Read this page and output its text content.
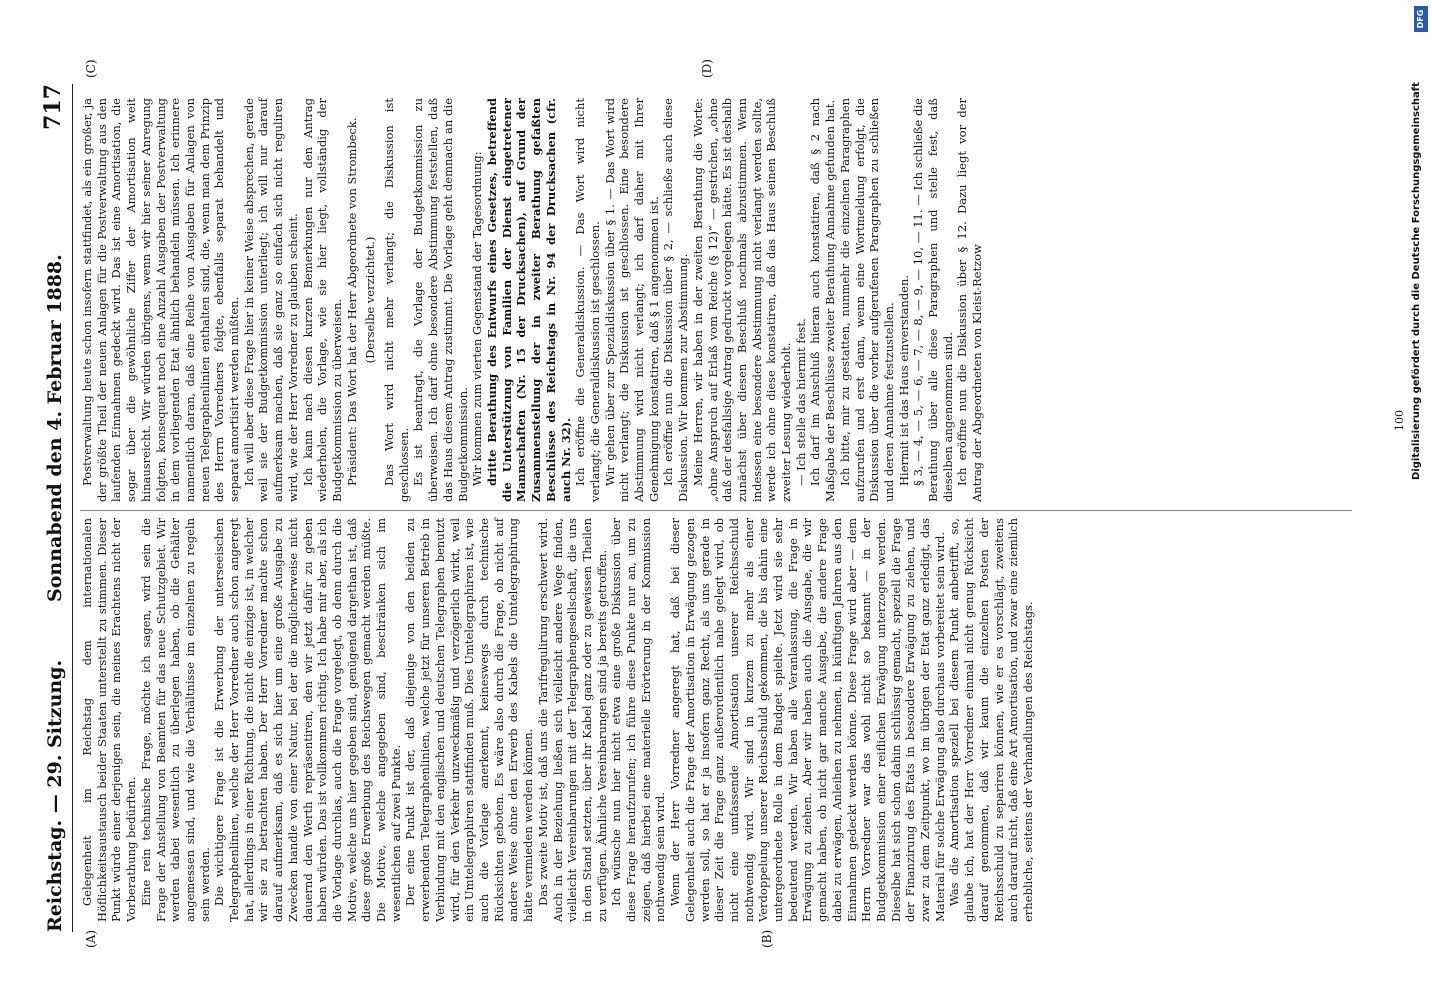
Reichstag. — 29. Sitzung.
Sonnabend den 4. Februar 1888.
717
(A)	(B)
(C)	(D)

Gelegenheit im Reichstag dem internationalen Höflichkeitsaustausch beider Staaten unterstellt zu stimmen. Dieser Punkt würde einer derjenigen sein, die meines Erachtens nicht der Vorberathung bedürften. Eine rein technische Frage, möchte ich sagen, wird sein die Frage der Anstellung von Beamten für das neue Schutzgebiet. Wir werden dabei wesentlich zu überlegen haben, ob die Gehälter angemessen sind, und wie die Verhältnisse im einzelnen zu regeln sein werden. Die wichtigere Frage ist die Erwerbung der unterseeischen Telegraphenlinien, welche der Herr Vorredner auch schon angeregt hat, allerdings in einer Richtung, die nicht die einzige ist, in welcher wir sie zu betrachten haben. Der Herr Vorredner machte schon darauf aufmerksam, daß es sich hier um eine große Ausgabe zu Zwecken handle von einer Natur, bei der die möglicherweise nicht dauernd den Werth repräsentiren, den wir jetzt dafür zu geben haben würden. Das ist vollkommen richtig. Ich habe mir aber, als ich die Vorlage durchlas, auch die Frage vorgelegt, ob denn durch die Motive, welche uns hier gegeben sind, genügend dargethan ist, daß diese große Erwerbung des Reichswegen gemacht werden müßte. Die Motive, welche angegeben sind, beschränken sich im wesentlichen auf zwei Punkte. Der eine Punkt ist der, daß diejenige von den beiden zu erwerbenden Telegraphenlinien, welche jetzt für unseren Betrieb in Verbindung mit den englischen und deutschen Telegraphen benutzt wird, für den Verkehr unzweckmäßig und verzögerlich wirkt, weil ein Umtelegraphiren stattfinden muß. Dies Umtelegraphiren ist, wie auch die Vorlage anerkennt, keineswegs durch technische Rücksichten geboten. Es wäre also durch die Frage, ob nicht auf andere Weise ohne den Erwerb des Kabels die Umtelegraphirung hätte vermieden werden können. Das zweite Motiv ist, daß uns die Tarifregulirung erschwert wird. Auch in der Beziehung ließen sich vielleicht andere Wege finden, vielleicht Vereinbarungen mit der Telegraphengesellschaft, die uns in den Stand setzten, über ihr Kabel ganz oder zu gewissen Theilen zu verfügen. Ähnliche Vereinbarungen sind ja bereits getroffen. Ich wünsche nun hier nicht etwa eine große Diskussion über diese Frage heraufzurufen; ich führe diese Punkte nur an, um zu zeigen, daß hierbei eine materielle Erörterung in der Kommission nothwendig sein wird. Wenn der Herr Vorredner angeregt hat, daß bei dieser Gelegenheit auch die Frage der Amortisation in Erwägung gezogen werden soll, so hat er ja insofern ganz Recht, als uns gerade in dieser Zeit die Frage ganz außerordentlich nahe gelegt wird, ob nicht eine umfassende Amortisation unserer Reichsschuld nothwendig wird. Wir sind in kurzem zu mehr als einer Verdoppelung unserer Reichsschuld gekommen, die bis dahin eine untergeordnete Rolle in dem Budget spielte. Jetzt wird sie sehr bedeutend werden. Wir haben alle Veranlassung, die Frage in Erwägung zu ziehen. Aber wir haben auch die Ausgabe, die wir gemacht haben, ob nicht gar manche Ausgabe, die andere Frage dabei zu erwägen, Anleihen zu nehmen, in künftigen Jahren aus den Einnahmen gedeckt werden könne. Diese Frage wird aber — dem Herrn Vorredner war das wohl nicht so bekannt — in der Budgetkommission einer reiflichen Erwägung unterzogen werden. Dieselbe hat sich schon dahin schlüssig gemacht, speziell die Frage der Finanzirung des Etats in besondere Erwägung zu ziehen, und zwar zu dem Zeitpunkt, wo im übrigen der Etat ganz erledigt, das Material für solche Erwägung also durchaus vorbereitet sein wird. Was die Amortisation speziell bei diesem Punkt anbetrifft, so, glaube ich, hat der Herr Vorredner einmal nicht genug Rücksicht darauf genommen, daß wir kaum die einzelnen Posten der Reichsschuld zu separiren können, wie er es vorschlägt, zweitens auch darauf nicht, daß eine Art Amortisation, und zwar eine ziemlich erhebliche, seitens der Verhandlungen des Reichstags.

Postverwaltung heute schon insofern stattfindet, als ein großer, ja der größte Theil der neuen Anlagen für die Postverwaltung aus den laufenden Einnahmen gedeckt wird. Das ist eine Amortisation, die sogar über die gewöhnliche Ziffer der Amortisation weit hinausreicht. Wir würden übrigens, wenn wir hier seiner Anregung folgten, konsequent noch eine Anzahl Ausgaben der Postverwaltung in dem vorliegenden Etat ähnlich behandeln müssen. Ich erinnere namentlich daran, daß eine Reihe von Ausgaben für Anlagen von neuen Telegraphenlinien enthalten sind, die, wenn man dem Prinzip des Herrn Vorredners folgte, ebenfalls separat behandelt und separat amortisirt werden müßten. Ich will aber diese Frage hier in keiner Weise absprechen, gerade weil sie der Budgetkommission unterliegt; ich will nur darauf aufmerksam machen, daß sie ganz so einfach sich nicht reguliren wird, wie der Herr Vorredner zu glauben scheint. Ich kann nach diesen kurzen Bemerkungen nur den Antrag wiederholen, die Vorlage, wie sie hier liegt, vollständig der Budgetkommission zu überweisen. Präsident: Das Wort hat der Herr Abgeordnete von Strombeck. (Derselbe verzichtet.) Das Wort wird nicht mehr verlangt; die Diskussion ist geschlossen. Es ist beantragt, die Vorlage der Budgetkommission zu überweisen. Ich darf ohne besondere Abstimmung feststellen, daß das Haus diesem Antrag zustimmt. Die Vorlage geht demnach an die Budgetkommission. Wir kommen zum vierten Gegenstand der Tagesordnung: dritte Berathung des Entwurfs eines Gesetzes, betreffend die Unterstützung von Familien der Dienst eingetretener Mannschaften (Nr. 15 der Drucksachen), auf Grund der Zusammenstellung der in zweiter Berathung gefaßten Beschlüsse des Reichstags in Nr. 94 der Drucksachen (cfr. auch Nr. 32). Ich eröffne die Generaldiskussion. — Das Wort wird nicht verlangt; die Generaldiskussion ist geschlossen. Wir gehen über zur Spezialdiskussion über § 1. — Das Wort wird nicht verlangt; die Diskussion ist geschlossen. Eine besondere Abstimmung wird nicht verlangt; ich darf daher mit Ihrer Genehmigung konstatiren, daß § 1 angenommen ist. Ich eröffne nun die Diskussion über § 2, — schließe auch diese Diskussion. Wir kommen zur Abstimmung. Meine Herren, wir haben in der zweiten Berathung die Worte: „ohne Anspruch auf Erlaß vom Reiche (§ 12)“ — gestrichen, „ohne daß der desfallsige Antrag gedruckt vorgelegen hätte. Es ist deshalb zunächst über diesen Beschluß nochmals abzustimmen. Wenn indessen eine besondere Abstimmung nicht verlangt werden sollte, werde ich ohne diese konstatiren, daß das Haus seinen Beschluß zweiter Lesung wiederholt. — Ich stelle das hiermit fest. Ich darf im Anschluß hieran auch konstatiren, daß § 2 nach Maßgabe der Beschlüsse zweiter Berathung Annahme gefunden hat. Ich bitte, mir zu gestatten, nunmehr die einzelnen Paragraphen aufzurufen und erst dann, wenn eine Wortmeldung erfolgt, die Diskussion über die vorher aufgerufenen Paragraphen zu schließen und deren Annahme festzustellen. Hiermit ist das Haus einverstanden. § 3, — 4, — 5, — 6, — 7, — 8, — 9, — 10, — 11. — Ich schließe die Berathung über alle diese Paragraphen und stelle fest, daß dieselben angenommen sind. Ich eröffne nun die Diskussion über § 12. Dazu liegt vor der Antrag der Abgeordneten von Kleist-Retzow	100 Digitalisierung gefördert durch die Deutsche Forschungsgemeinschaft
DFG
